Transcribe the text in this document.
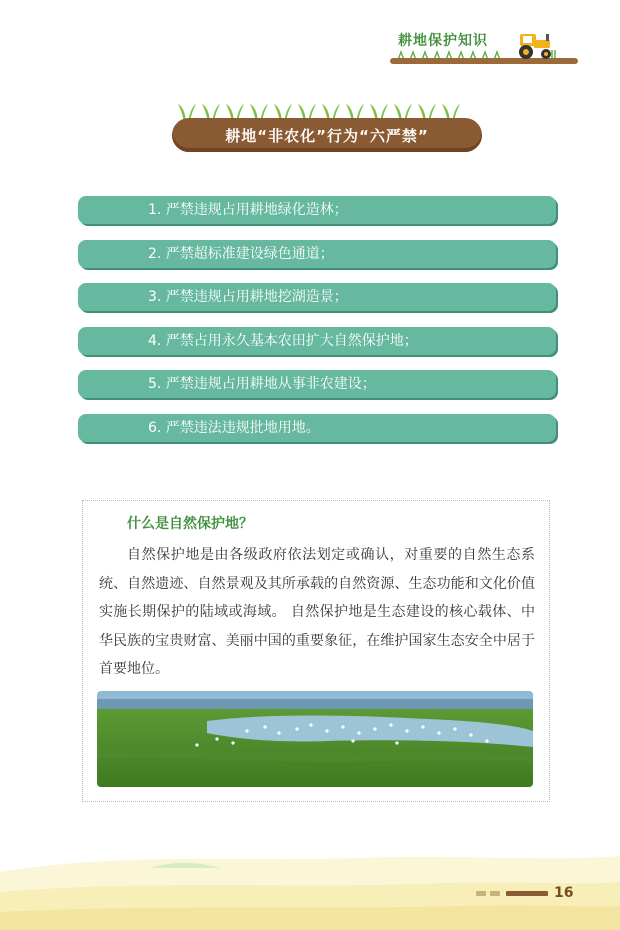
耕地保护知识
耕地“非农化”行为“六严禁”
1. 严禁违规占用耕地绿化造林；
2. 严禁超标准建设绿色通道；
3. 严禁违规占用耕地挖湖造景；
4. 严禁占用永久基本农田扩大自然保护地；
5. 严禁违规占用耕地从事非农建设；
6. 严禁违法违规批地用地。
什么是自然保护地？
自然保护地是由各级政府依法划定或确认，对重要的自然生态系统、自然遗迹、自然景观及其所承载的自然资源、生态功能和文化价值实施长期保护的陆域或海域。 自然保护地是生态建设的核心载体、中华民族的宝贵财富、美丽中国的重要象征，在维护国家生态安全中居于首要地位。
16
